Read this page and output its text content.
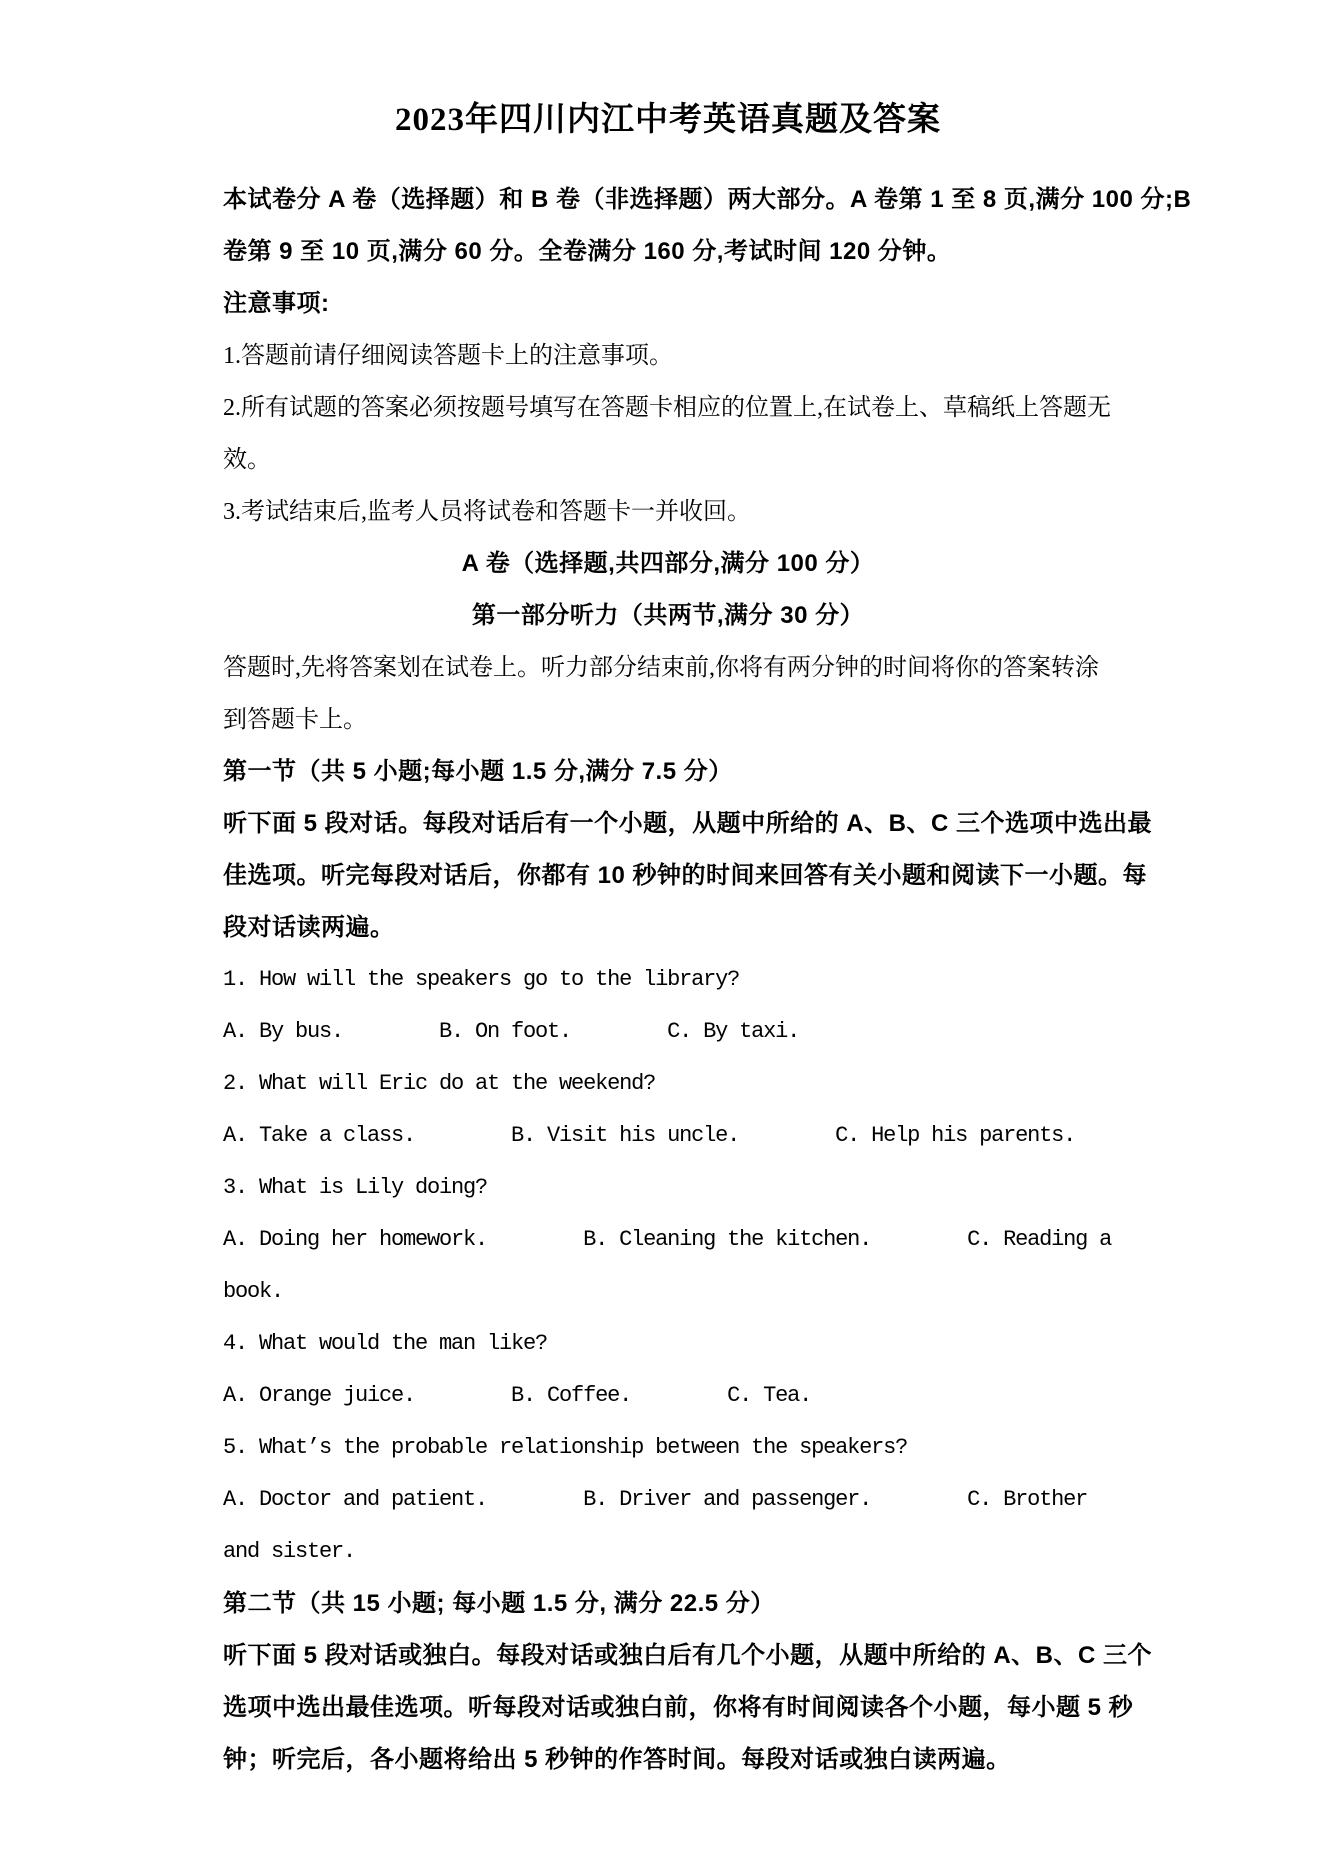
2023年四川内江中考英语真题及答案
本试卷分 A 卷（选择题）和 B 卷（非选择题）两大部分。A 卷第 1 至 8 页,满分 100 分;B
卷第 9 至 10 页,满分 60 分。全卷满分 160 分,考试时间 120 分钟。
注意事项:
1.答题前请仔细阅读答题卡上的注意事项。
2.所有试题的答案必须按题号填写在答题卡相应的位置上,在试卷上、草稿纸上答题无
效。
3.考试结束后,监考人员将试卷和答题卡一并收回。
A 卷（选择题,共四部分,满分 100 分）
第一部分听力（共两节,满分 30 分）
答题时,先将答案划在试卷上。听力部分结束前,你将有两分钟的时间将你的答案转涂
到答题卡上。
第一节（共 5 小题;每小题 1.5 分,满分 7.5 分）
听下面 5 段对话。每段对话后有一个小题，从题中所给的 A、B、C 三个选项中选出最
佳选项。听完每段对话后，你都有 10 秒钟的时间来回答有关小题和阅读下一小题。每
段对话读两遍。
1. How will the speakers go to the library?
A. By bus.        B. On foot.        C. By taxi.
2. What will Eric do at the weekend?
A. Take a class.        B. Visit his uncle.        C. Help his parents.
3. What is Lily doing?
A. Doing her homework.        B. Cleaning the kitchen.        C. Reading a
book.
4. What would the man like?
A. Orange juice.        B. Coffee.        C. Tea.
5. What’s the probable relationship between the speakers?
A. Doctor and patient.        B. Driver and passenger.        C. Brother
and sister.
第二节（共 15 小题; 每小题 1.5 分, 满分 22.5 分）
听下面 5 段对话或独白。每段对话或独白后有几个小题，从题中所给的 A、B、C 三个
选项中选出最佳选项。听每段对话或独白前，你将有时间阅读各个小题，每小题 5 秒
钟；听完后，各小题将给出 5 秒钟的作答时间。每段对话或独白读两遍。
